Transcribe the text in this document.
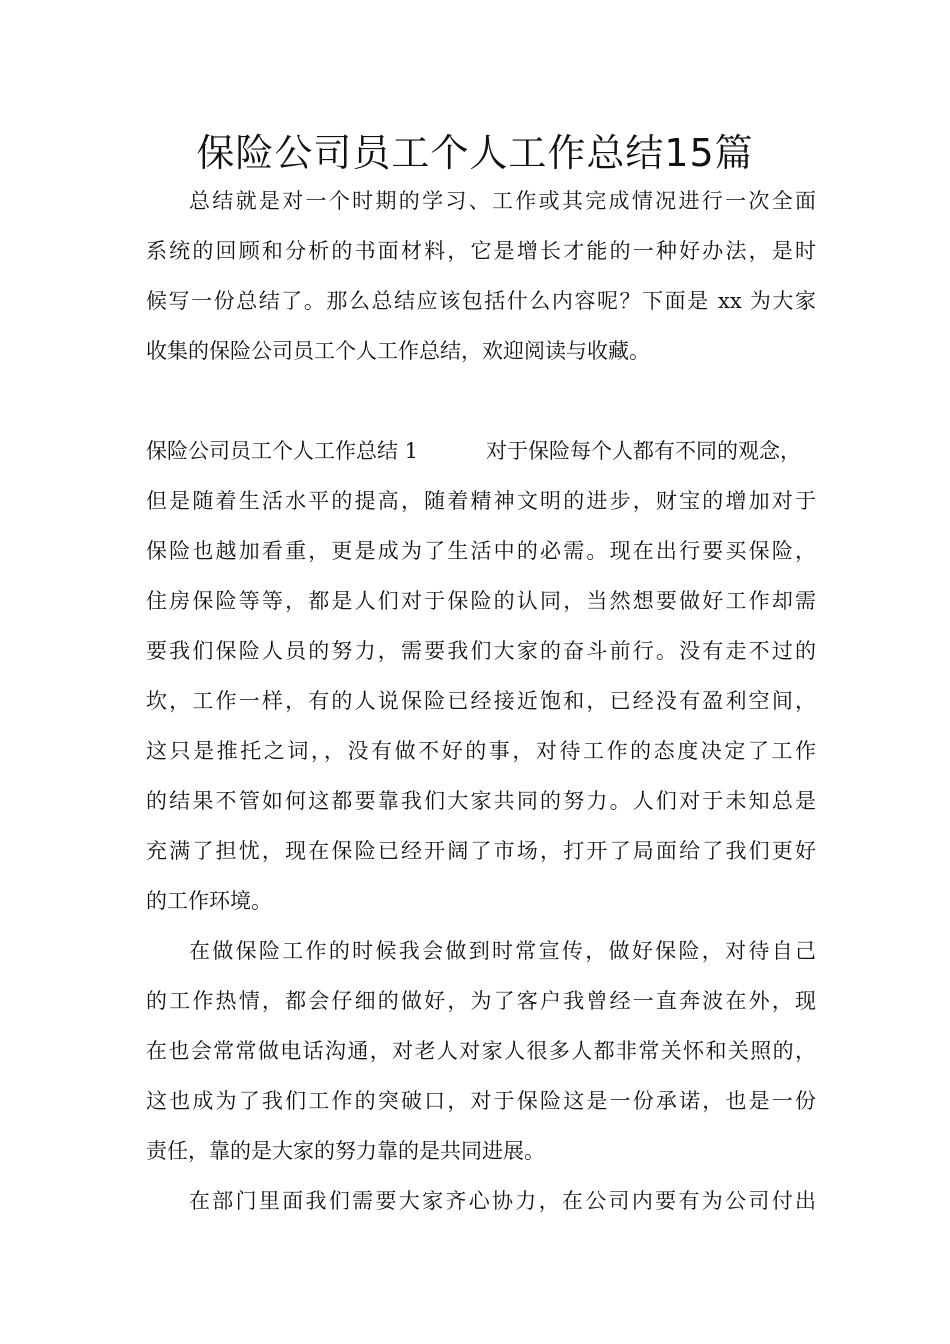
保险公司员工个人工作总结15篇
总结就是对一个时期的学习、工作或其完成情况进行一次全面
系统的回顾和分析的书面材料，它是增长才能的一种好办法，是时
候写一份总结了。那么总结应该包括什么内容呢？下面是 xx 为大家
收集的保险公司员工个人工作总结，欢迎阅读与收藏。
保险公司员工个人工作总结 1	对于保险每个人都有不同的观念，
但是随着生活水平的提高，随着精神文明的进步，财宝的增加对于
保险也越加看重，更是成为了生活中的必需。现在出行要买保险，
住房保险等等，都是人们对于保险的认同，当然想要做好工作却需
要我们保险人员的努力，需要我们大家的奋斗前行。没有走不过的
坎，工作一样，有的人说保险已经接近饱和，已经没有盈利空间，
这只是推托之词，，没有做不好的事，对待工作的态度决定了工作
的结果不管如何这都要靠我们大家共同的努力。人们对于未知总是
充满了担忧，现在保险已经开阔了市场，打开了局面给了我们更好
的工作环境。
在做保险工作的时候我会做到时常宣传，做好保险，对待自己
的工作热情，都会仔细的做好，为了客户我曾经一直奔波在外，现
在也会常常做电话沟通，对老人对家人很多人都非常关怀和关照的，
这也成为了我们工作的突破口，对于保险这是一份承诺，也是一份
责任，靠的是大家的努力靠的是共同进展。
在部门里面我们需要大家齐心协力，在公司内要有为公司付出
